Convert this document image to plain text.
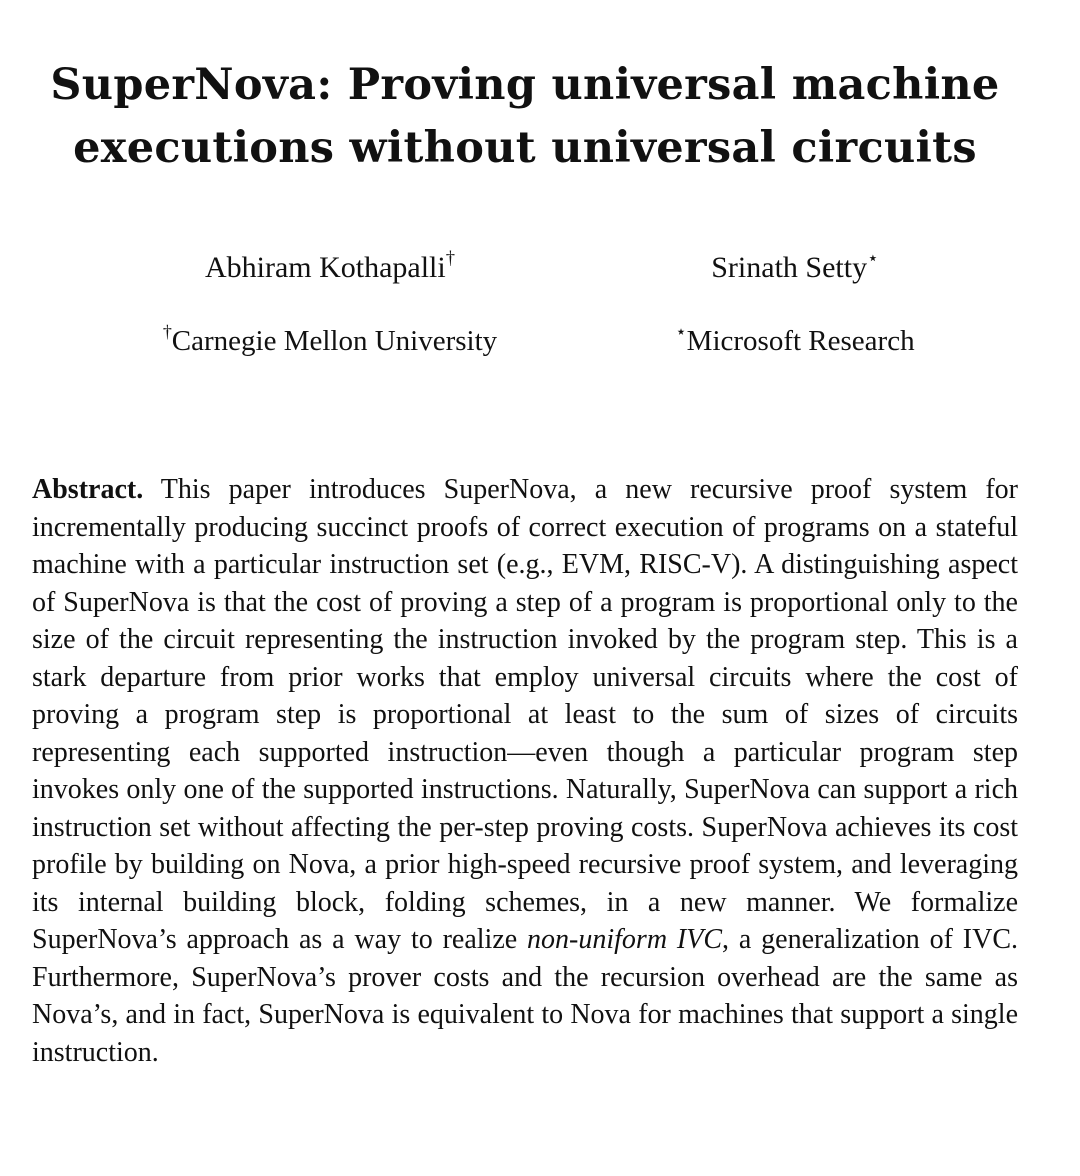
SuperNova: Proving universal machine
executions without universal circuits
Abhiram Kothapalli†
†Carnegie Mellon University
Srinath Setty⋆
⋆Microsoft Research

Abstract. This paper introduces SuperNova, a new recursive proof system for incrementally producing succinct proofs of correct execution of programs on a stateful machine with a particular instruction set (e.g., EVM, RISC-V). A distinguishing aspect of SuperNova is that the cost of proving a step of a program is proportional only to the size of the circuit representing the instruction invoked by the program step. This is a stark departure from prior works that employ universal circuits where the cost of proving a program step is proportional at least to the sum of sizes of circuits representing each supported instruction—even though a particular program step invokes only one of the supported instructions. Naturally, SuperNova can support a rich instruction set without affecting the per-step proving costs. SuperNova achieves its cost profile by building on Nova, a prior high-speed recursive proof system, and leveraging its internal building block, folding schemes, in a new manner. We formalize SuperNova’s approach as a way to realize non-uniform IVC, a generalization of IVC. Furthermore, SuperNova’s prover costs and the recursion overhead are the same as Nova’s, and in fact, SuperNova is equivalent to Nova for machines that support a single instruction.
